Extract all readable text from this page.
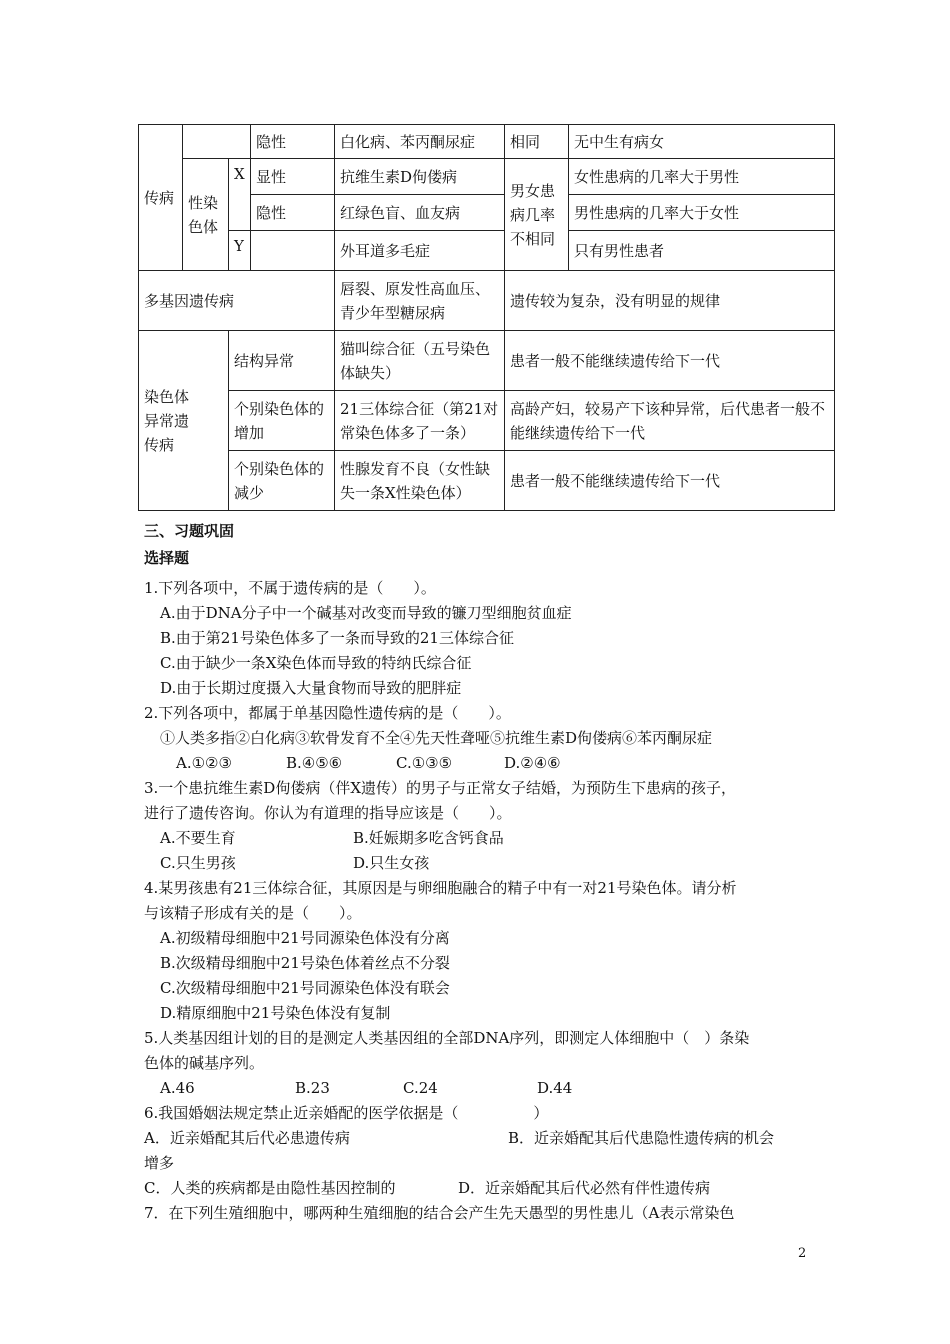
传病			隐性	白化病、苯丙酮尿症	相同	无中生有病女
	性染色体	X	显性	抗维生素D佝偻病	男女患病几率不相同	女性患病的几率大于男性
			隐性	红绿色盲、血友病		男性患病的几率大于女性
		Y		外耳道多毛症		只有男性患者
多基因遗传病				唇裂、原发性高血压、青少年型糖尿病	遗传较为复杂，没有明显的规律	

染色体异常遗传病		结构异常		猫叫综合征（五号染色体缺失）	患者一般不能继续遗传给下一代	
		个别染色体的增加		21三体综合征（第21对常染色体多了一条）	高龄产妇，较易产下该种异常，后代患者一般不能继续遗传给下一代	
		个别染色体的减少		性腺发育不良（女性缺失一条X性染色体）	患者一般不能继续遗传给下一代	
三、习题巩固
选择题
1.下列各项中，不属于遗传病的是（　　）。
A.由于DNA分子中一个碱基对改变而导致的镰刀型细胞贫血症
B.由于第21号染色体多了一条而导致的21三体综合征
C.由于缺少一条X染色体而导致的特纳氏综合征
D.由于长期过度摄入大量食物而导致的肥胖症
2.下列各项中，都属于单基因隐性遗传病的是（　　）。
①人类多指②白化病③软骨发育不全④先天性聋哑⑤抗维生素D佝偻病⑥苯丙酮尿症
A.①②③	B.④⑤⑥	C.①③⑤	D.②④⑥
3.一个患抗维生素D佝偻病（伴X遗传）的男子与正常女子结婚，为预防生下患病的孩子，
进行了遗传咨询。你认为有道理的指导应该是（　　）。
A.不要生育	B.妊娠期多吃含钙食品
C.只生男孩	D.只生女孩
4.某男孩患有21三体综合征，其原因是与卵细胞融合的精子中有一对21号染色体。请分析
与该精子形成有关的是（　　）。
A.初级精母细胞中21号同源染色体没有分离
B.次级精母细胞中21号染色体着丝点不分裂
C.次级精母细胞中21号同源染色体没有联会
D.精原细胞中21号染色体没有复制
5.人类基因组计划的目的是测定人类基因组的全部DNA序列，即测定人体细胞中（　）条染
色体的碱基序列。
A.46	B.23	C.24	D.44
6.我国婚姻法规定禁止近亲婚配的医学依据是（　　　　　）
A．近亲婚配其后代必患遗传病	B．近亲婚配其后代患隐性遗传病的机会
增多
C．人类的疾病都是由隐性基因控制的	D．近亲婚配其后代必然有伴性遗传病
7．在下列生殖细胞中，哪两种生殖细胞的结合会产生先天愚型的男性患儿（A表示常染色
2
